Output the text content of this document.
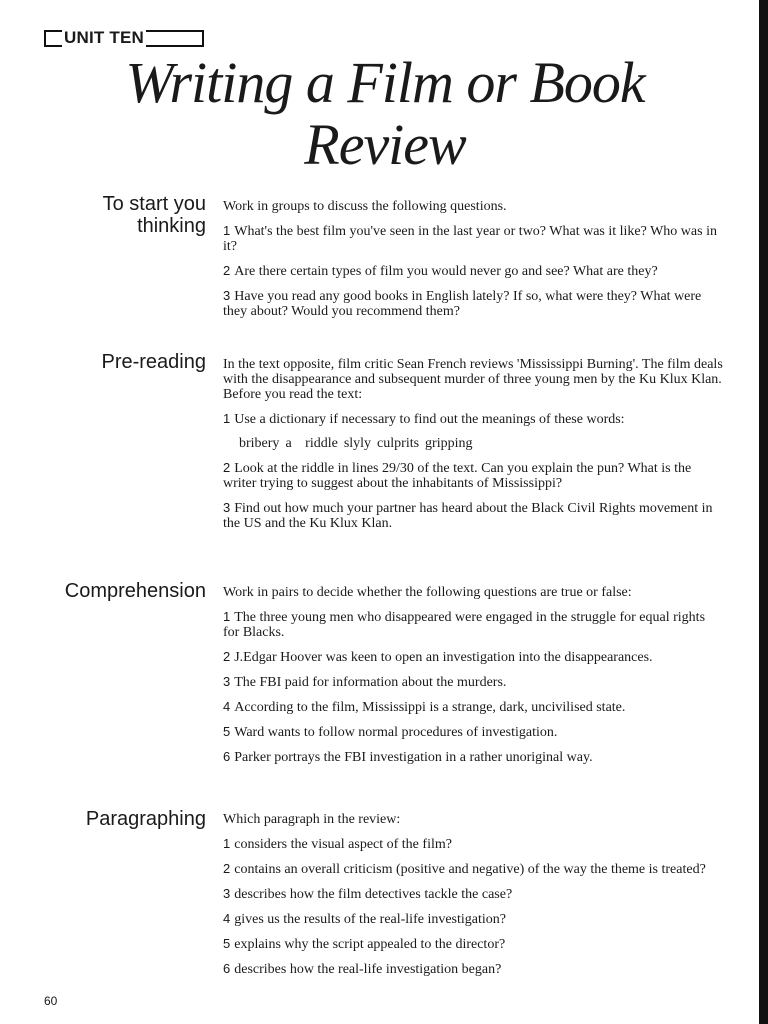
UNIT TEN
Writing a Film or Book
Review
To start you
thinking

Work in groups to discuss the following questions.

1 What's the best film you've seen in the last year or two? What was it like? Who was in it?

2 Are there certain types of film you would never go and see? What are they?

3 Have you read any good books in English lately? If so, what were they? What were they about? Would you recommend them?

Pre-reading In the text opposite, film critic Sean French reviews 'Mississippi Burning'. The film deals with the disappearance and subsequent murder of three young men by the Ku Klux Klan. Before you read the text:

1 Use a dictionary if necessary to find out the meanings of these words:

bribery a riddle slyly culprits gripping

2 Look at the riddle in lines 29/30 of the text. Can you explain the pun? What is the writer trying to suggest about the inhabitants of Mississippi?

3 Find out how much your partner has heard about the Black Civil Rights movement in the US and the Ku Klux Klan.

Comprehension Work in pairs to decide whether the following questions are true or false:

1 The three young men who disappeared were engaged in the struggle for equal rights for Blacks.

2 J.Edgar Hoover was keen to open an investigation into the disappearances.

3 The FBI paid for information about the murders.

4 According to the film, Mississippi is a strange, dark, uncivilised state.

5 Ward wants to follow normal procedures of investigation.

6 Parker portrays the FBI investigation in a rather unoriginal way.

Paragraphing Which paragraph in the review:

1 considers the visual aspect of the film?

2 contains an overall criticism (positive and negative) of the way the theme is treated?

3 describes how the film detectives tackle the case?

4 gives us the results of the real-life investigation?

5 explains why the script appealed to the director?

6 describes how the real-life investigation began?

60
